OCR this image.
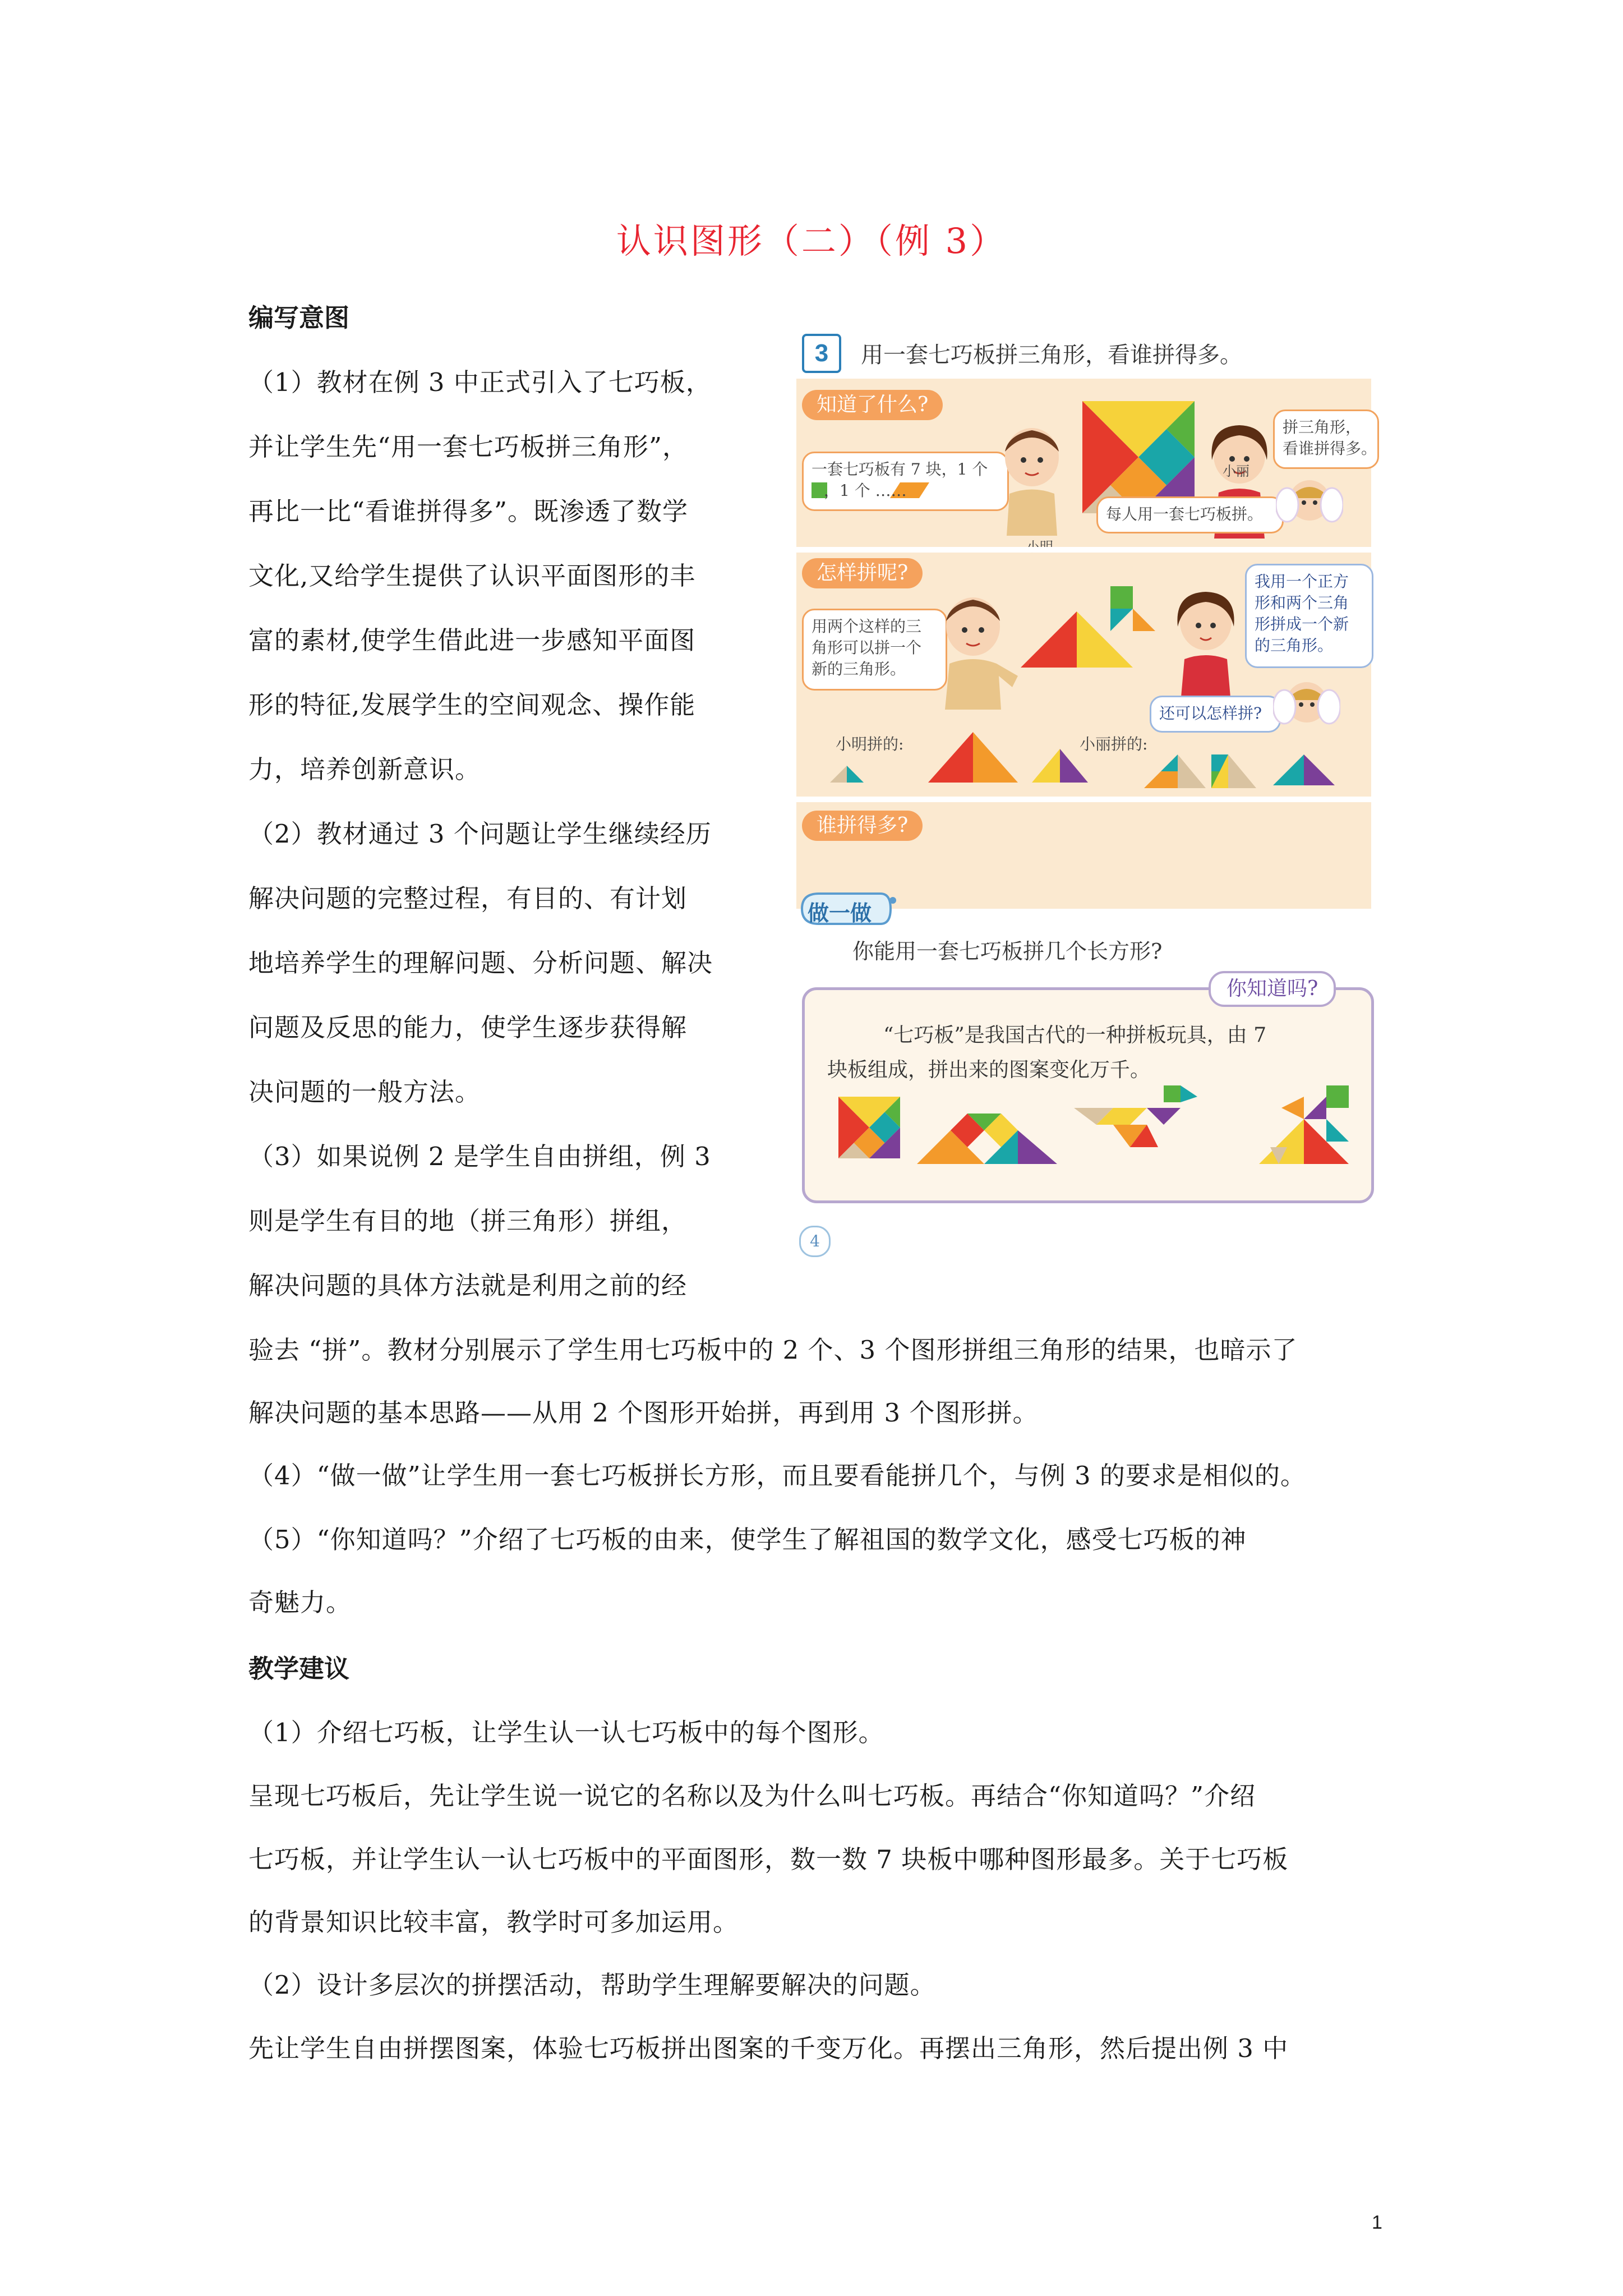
认识图形（二）（例 3）
编写意图
（1）教材在例 3 中正式引入了七巧板，
并让学生先“用一套七巧板拼三角形”，
再比一比“看谁拼得多”。既渗透了数学
文化,又给学生提供了认识平面图形的丰
富的素材,使学生借此进一步感知平面图
形的特征,发展学生的空间观念、操作能
力，培养创新意识。
（2）教材通过 3 个问题让学生继续经历
解决问题的完整过程，有目的、有计划
地培养学生的理解问题、分析问题、解决
问题及反思的能力，使学生逐步获得解
决问题的一般方法。
（3）如果说例 2 是学生自由拼组，例 3
则是学生有目的地（拼三角形）拼组，
解决问题的具体方法就是利用之前的经
验去 “拼”。教材分别展示了学生用七巧板中的 2 个、3 个图形拼组三角形的结果，也暗示了
解决问题的基本思路——从用 2 个图形开始拼，再到用 3 个图形拼。
（4）“做一做”让学生用一套七巧板拼长方形，而且要看能拼几个，与例 3 的要求是相似的。
（5）“你知道吗？”介绍了七巧板的由来，使学生了解祖国的数学文化，感受七巧板的神
奇魅力。
教学建议
（1）介绍七巧板，让学生认一认七巧板中的每个图形。
呈现七巧板后，先让学生说一说它的名称以及为什么叫七巧板。再结合“你知道吗？”介绍
七巧板，并让学生认一认七巧板中的平面图形，数一数 7 块板中哪种图形最多。关于七巧板
的背景知识比较丰富，教学时可多加运用。
（2）设计多层次的拼摆活动，帮助学生理解要解决的问题。
先让学生自由拼摆图案，体验七巧板拼出图案的千变万化。再摆出三角形，然后提出例 3 中
3	用一套七巧板拼三角形，看谁拼得多。
知道了什么?
一套七巧板有 7 块，1 个
，1 个 ……
拼三角形，
看谁拼得多。
小丽
每人用一套七巧板拼。
怎样拼呢?
用两个这样的三
角形可以拼一个
新的三角形。
我用一个正方
形和两个三角
形拼成一个新
的三角形。
还可以怎样拼?
小明拼的:	小丽拼的:
谁拼得多?
做一做
你能用一套七巧板拼几个长方形?
你知道吗?
“七巧板”是我国古代的一种拼板玩具，由 7
块板组成，拼出来的图案变化万千。
4
1
